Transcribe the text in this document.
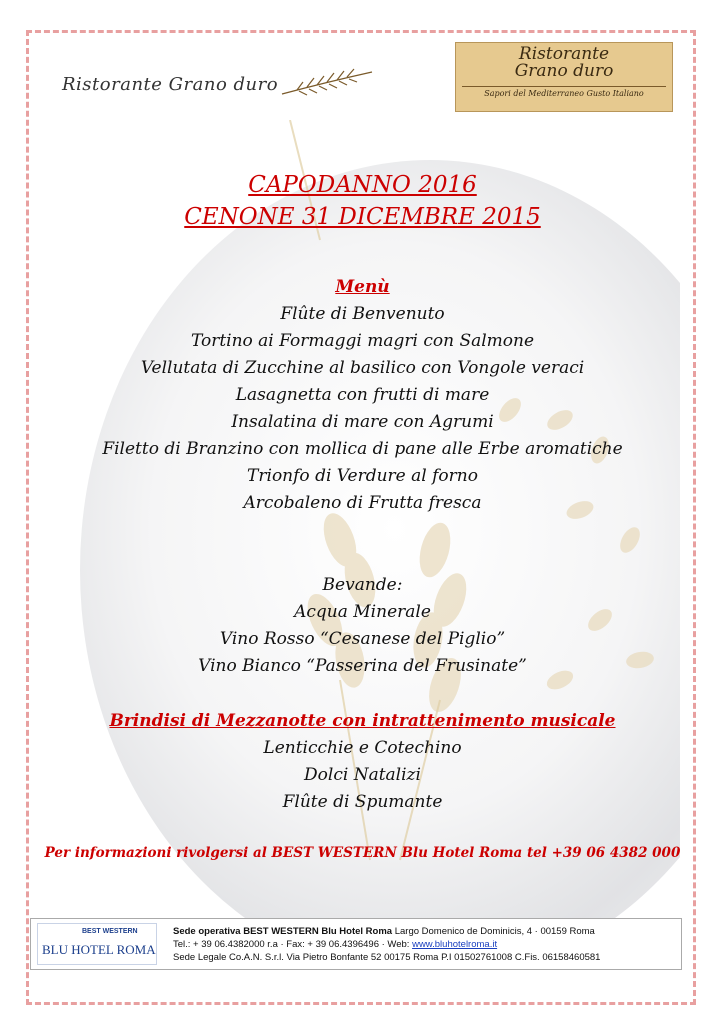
Ristorante Grano duro
Ristorante
Grano duro
Sapori del Mediterraneo Gusto Italiano
CAPODANNO 2016
CENONE 31 DICEMBRE 2015
Menù
Flûte di Benvenuto
Tortino ai Formaggi magri con Salmone
Vellutata di Zucchine al basilico con Vongole veraci
Lasagnetta con frutti di mare
Insalatina di mare con Agrumi
Filetto di Branzino con mollica di pane alle Erbe aromatiche
Trionfo di Verdure al forno
Arcobaleno di Frutta fresca
Bevande:
Acqua Minerale
Vino Rosso “Cesanese del Piglio”
Vino Bianco “Passerina del Frusinate”
Brindisi di Mezzanotte con intrattenimento musicale
Lenticchie e Cotechino
Dolci Natalizi
Flûte di Spumante
Per informazioni rivolgersi al BEST WESTERN Blu Hotel Roma tel +39 06 4382 000
BEST WESTERN
BLU HOTEL ROMA
Sede operativa BEST WESTERN Blu Hotel Roma Largo Domenico de Dominicis, 4 · 00159 Roma
Tel.: + 39 06.4382000 r.a · Fax: + 39 06.4396496 · Web: www.bluhotelroma.it
Sede Legale Co.A.N. S.r.l. Via Pietro Bonfante 52 00175 Roma P.I 01502761008 C.Fis. 06158460581
